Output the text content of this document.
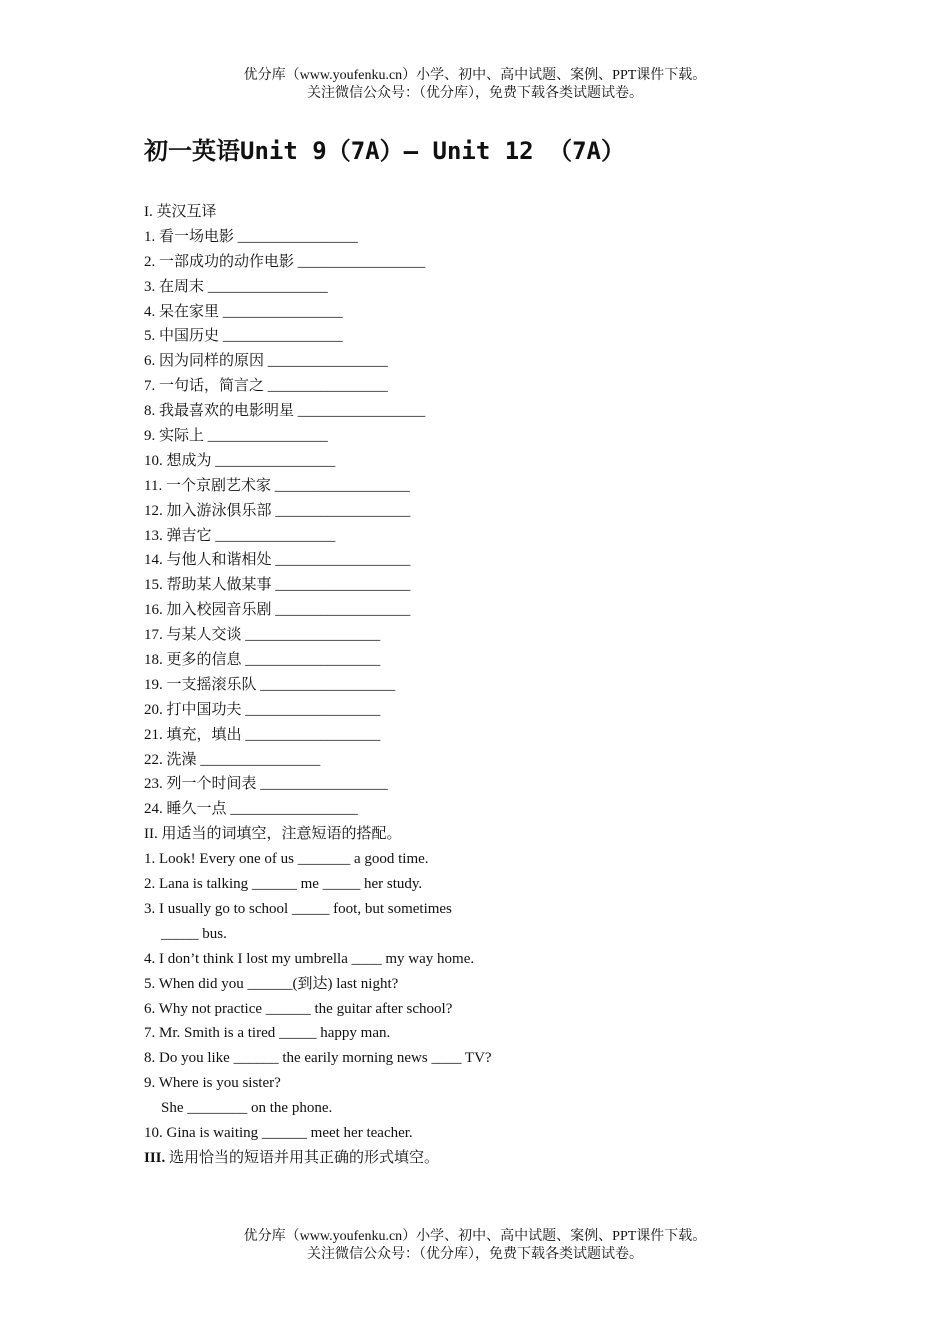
优分库（www.youfenku.cn）小学、初中、高中试题、案例、PPT课件下载。
关注微信公众号：（优分库），免费下载各类试题试卷。
初一英语Unit 9（7A）— Unit 12 （7A）
I. 英汉互译
1. 看一场电影 ________________
2. 一部成功的动作电影 _________________
3. 在周末 ________________
4. 呆在家里 ________________
5. 中国历史 ________________
6. 因为同样的原因 ________________
7. 一句话，简言之 ________________
8. 我最喜欢的电影明星 _________________
9. 实际上 ________________
10. 想成为 ________________
11. 一个京剧艺术家 __________________
12. 加入游泳俱乐部 __________________
13. 弹吉它 ________________
14. 与他人和谐相处 __________________
15. 帮助某人做某事 __________________
16. 加入校园音乐剧 __________________
17. 与某人交谈 __________________
18. 更多的信息 __________________
19. 一支摇滚乐队 __________________
20. 打中国功夫 __________________
21. 填充，填出 __________________
22. 洗澡 ________________
23. 列一个时间表 _________________
24. 睡久一点 _________________
II. 用适当的词填空，注意短语的搭配。
1. Look! Every one of us _______ a good time.
2. Lana is talking ______ me _____ her study.
3. I usually go to school _____ foot, but sometimes
_____ bus.
4. I don’t think I lost my umbrella ____ my way home.
5. When did you ______(到达) last night?
6. Why not practice ______ the guitar after school?
7. Mr. Smith is a tired _____ happy man.
8. Do you like ______ the earily morning news ____ TV?
9. Where is you sister?
She ________ on the phone.
10. Gina is waiting ______ meet her teacher.
III. 选用恰当的短语并用其正确的形式填空。
优分库（www.youfenku.cn）小学、初中、高中试题、案例、PPT课件下载。
关注微信公众号：（优分库），免费下载各类试题试卷。
